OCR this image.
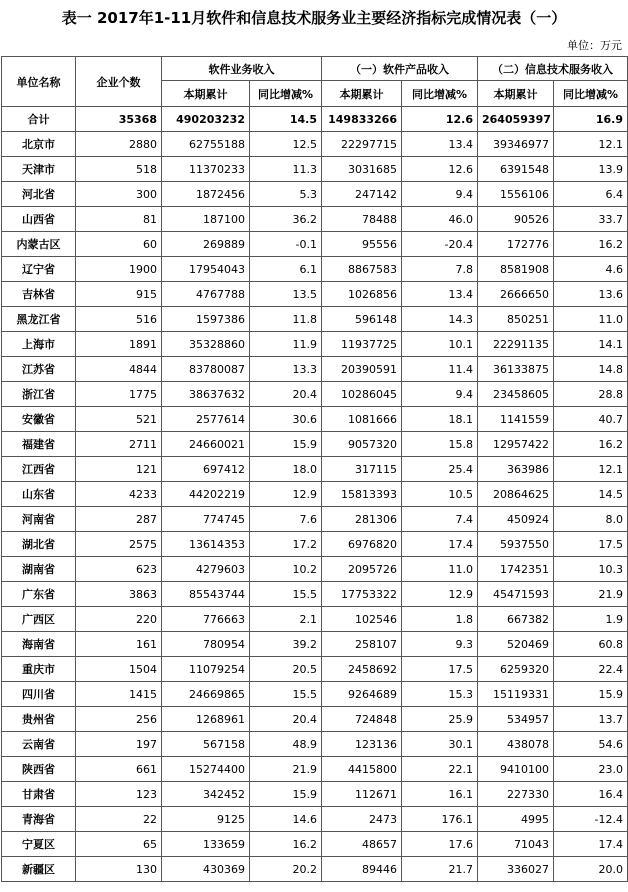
表一 2017年1-11月软件和信息技术服务业主要经济指标完成情况表（一）
单位：万元
单位名称	企业个数	软件业务收入		（一）软件产品收入		（二）信息技术服务收入	
		本期累计	同比增减%	本期累计	同比增减%	本期累计	同比增减%
合计	35368	490203232	14.5	149833266	12.6	264059397	16.9
北京市	2880	62755188	12.5	22297715	13.4	39346977	12.1
天津市	518	11370233	11.3	3031685	12.6	6391548	13.9
河北省	300	1872456	5.3	247142	9.4	1556106	6.4
山西省	81	187100	36.2	78488	46.0	90526	33.7
内蒙古区	60	269889	-0.1	95556	-20.4	172776	16.2
辽宁省	1900	17954043	6.1	8867583	7.8	8581908	4.6
吉林省	915	4767788	13.5	1026856	13.4	2666650	13.6
黑龙江省	516	1597386	11.8	596148	14.3	850251	11.0
上海市	1891	35328860	11.9	11937725	10.1	22291135	14.1
江苏省	4844	83780087	13.3	20390591	11.4	36133875	14.8
浙江省	1775	38637632	20.4	10286045	9.4	23458605	28.8
安徽省	521	2577614	30.6	1081666	18.1	1141559	40.7
福建省	2711	24660021	15.9	9057320	15.8	12957422	16.2
江西省	121	697412	18.0	317115	25.4	363986	12.1
山东省	4233	44202219	12.9	15813393	10.5	20864625	14.5
河南省	287	774745	7.6	281306	7.4	450924	8.0
湖北省	2575	13614353	17.2	6976820	17.4	5937550	17.5
湖南省	623	4279603	10.2	2095726	11.0	1742351	10.3
广东省	3863	85543744	15.5	17753322	12.9	45471593	21.9
广西区	220	776663	2.1	102546	1.8	667382	1.9
海南省	161	780954	39.2	258107	9.3	520469	60.8
重庆市	1504	11079254	20.5	2458692	17.5	6259320	22.4
四川省	1415	24669865	15.5	9264689	15.3	15119331	15.9
贵州省	256	1268961	20.4	724848	25.9	534957	13.7
云南省	197	567158	48.9	123136	30.1	438078	54.6
陕西省	661	15274400	21.9	4415800	22.1	9410100	23.0
甘肃省	123	342452	15.9	112671	16.1	227330	16.4
青海省	22	9125	14.6	2473	176.1	4995	-12.4
宁夏区	65	133659	16.2	48657	17.6	71043	17.4
新疆区	130	430369	20.2	89446	21.7	336027	20.0
